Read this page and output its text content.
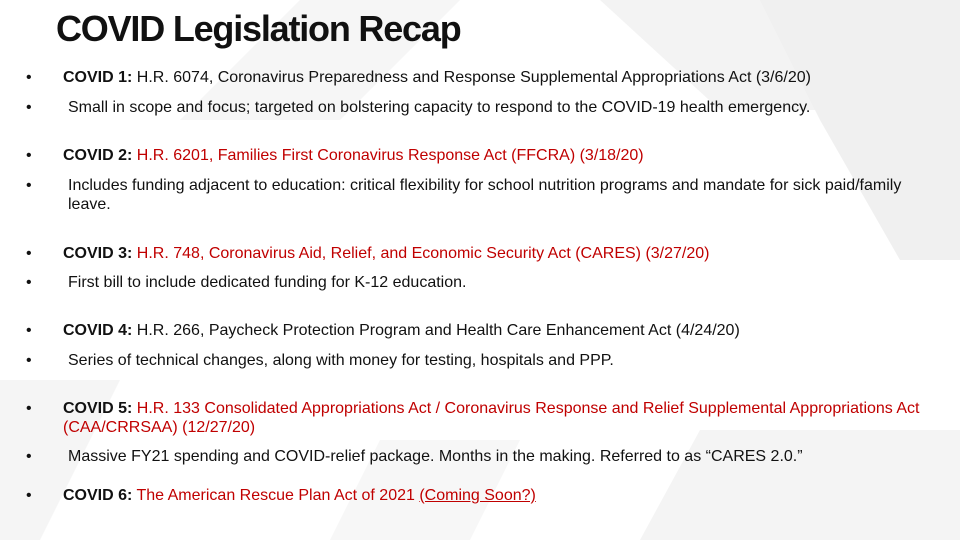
COVID Legislation Recap
• COVID 1: H.R. 6074, Coronavirus Preparedness and Response Supplemental Appropriations Act (3/6/20)
• Small in scope and focus; targeted on bolstering capacity to respond to the COVID-19 health emergency.
• COVID 2: H.R. 6201, Families First Coronavirus Response Act (FFCRA) (3/18/20)
• Includes funding adjacent to education: critical flexibility for school nutrition programs and mandate for sick paid/family leave.
• COVID 3: H.R. 748, Coronavirus Aid, Relief, and Economic Security Act (CARES) (3/27/20)
• First bill to include dedicated funding for K-12 education.
• COVID 4: H.R. 266, Paycheck Protection Program and Health Care Enhancement Act (4/24/20)
• Series of technical changes, along with money for testing, hospitals and PPP.
• COVID 5: H.R. 133 Consolidated Appropriations Act / Coronavirus Response and Relief Supplemental Appropriations Act (CAA/CRRSAA) (12/27/20)
• Massive FY21 spending and COVID-relief package. Months in the making. Referred to as “CARES 2.0.”
• COVID 6: The American Rescue Plan Act of 2021 (Coming Soon?)
